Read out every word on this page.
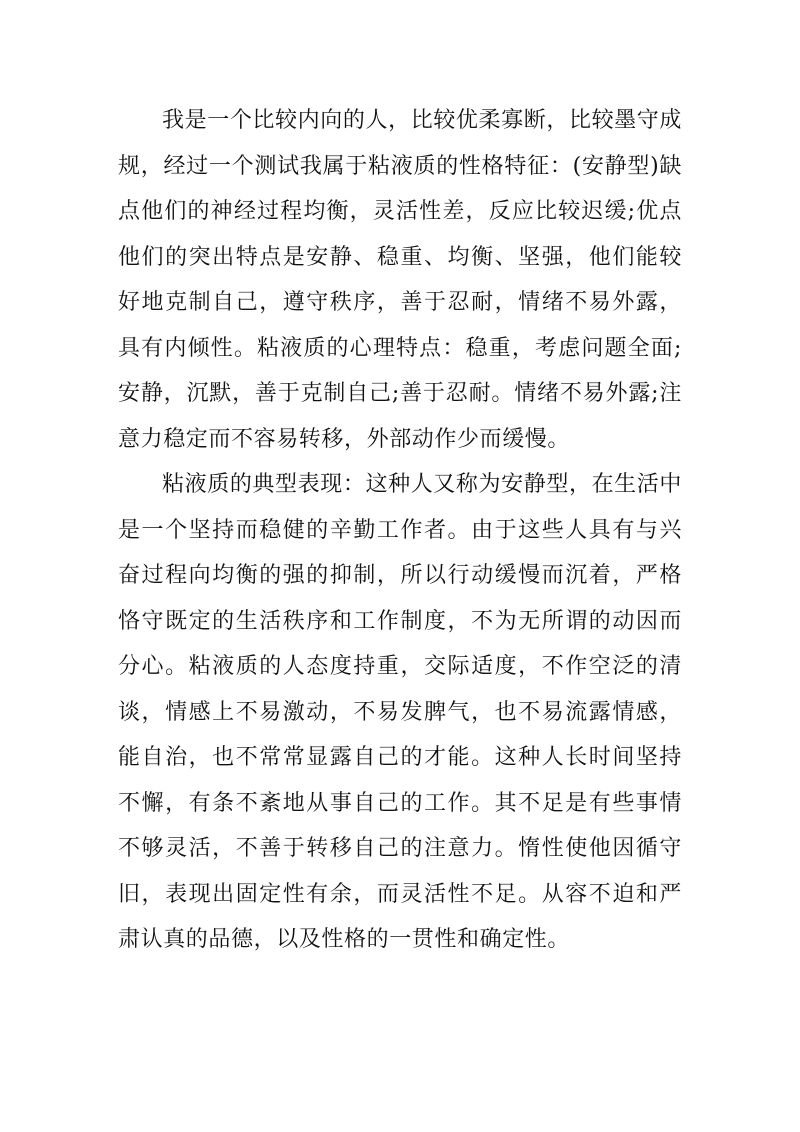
我是一个比较内向的人，比较优柔寡断，比较墨守成规，经过一个测试我属于粘液质的性格特征：(安静型)缺点他们的神经过程均衡，灵活性差，反应比较迟缓;优点他们的突出特点是安静、稳重、均衡、坚强，他们能较好地克制自己，遵守秩序，善于忍耐，情绪不易外露，具有内倾性。粘液质的心理特点：稳重，考虑问题全面;安静，沉默，善于克制自己;善于忍耐。情绪不易外露;注意力稳定而不容易转移，外部动作少而缓慢。

粘液质的典型表现：这种人又称为安静型，在生活中是一个坚持而稳健的辛勤工作者。由于这些人具有与兴奋过程向均衡的强的抑制，所以行动缓慢而沉着，严格恪守既定的生活秩序和工作制度，不为无所谓的动因而分心。粘液质的人态度持重，交际适度，不作空泛的清谈，情感上不易激动，不易发脾气，也不易流露情感，能自治，也不常常显露自己的才能。这种人长时间坚持不懈，有条不紊地从事自己的工作。其不足是有些事情不够灵活，不善于转移自己的注意力。惰性使他因循守旧，表现出固定性有余，而灵活性不足。从容不迫和严肃认真的品德，以及性格的一贯性和确定性。
